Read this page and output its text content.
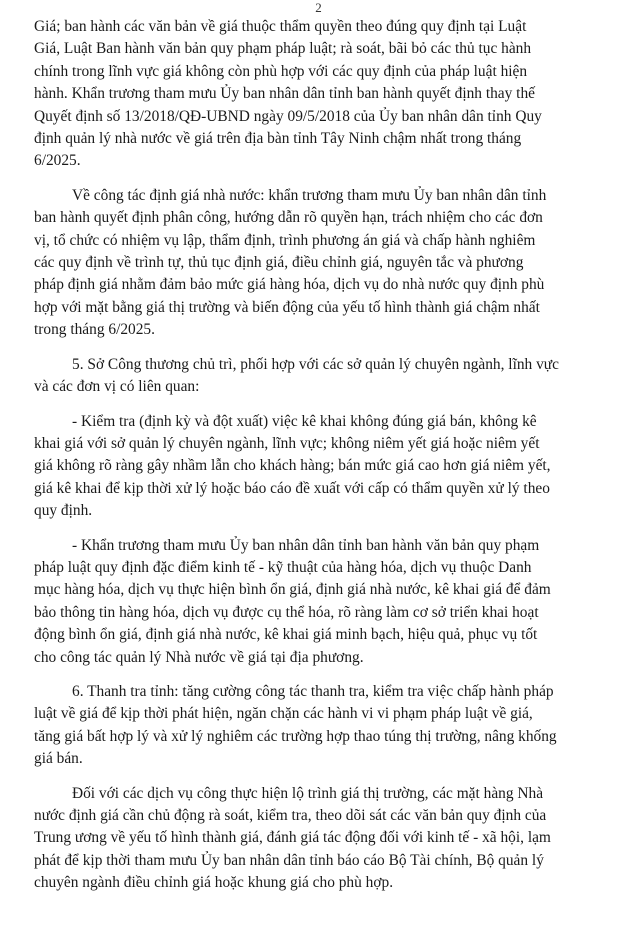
2

Giá; ban hành các văn bản về giá thuộc thẩm quyền theo đúng quy định tại Luật
Giá, Luật Ban hành văn bản quy phạm pháp luật; rà soát, bãi bỏ các thủ tục hành
chính trong lĩnh vực giá không còn phù hợp với các quy định của pháp luật hiện
hành. Khẩn trương tham mưu Ủy ban nhân dân tỉnh ban hành quyết định thay thế
Quyết định số 13/2018/QĐ-UBND ngày 09/5/2018 của Ủy ban nhân dân tỉnh Quy
định quản lý nhà nước về giá trên địa bàn tỉnh Tây Ninh chậm nhất trong tháng
6/2025.

Về công tác định giá nhà nước: khẩn trương tham mưu Ủy ban nhân dân tỉnh
ban hành quyết định phân công, hướng dẫn rõ quyền hạn, trách nhiệm cho các đơn
vị, tổ chức có nhiệm vụ lập, thẩm định, trình phương án giá và chấp hành nghiêm
các quy định về trình tự, thủ tục định giá, điều chỉnh giá, nguyên tắc và phương
pháp định giá nhằm đảm bảo mức giá hàng hóa, dịch vụ do nhà nước quy định phù
hợp với mặt bằng giá thị trường và biến động của yếu tố hình thành giá chậm nhất
trong tháng 6/2025.

5. Sở Công thương chủ trì, phối hợp với các sở quản lý chuyên ngành, lĩnh vực
và các đơn vị có liên quan:

- Kiểm tra (định kỳ và đột xuất) việc kê khai không đúng giá bán, không kê
khai giá với sở quản lý chuyên ngành, lĩnh vực; không niêm yết giá hoặc niêm yết
giá không rõ ràng gây nhầm lẫn cho khách hàng; bán mức giá cao hơn giá niêm yết,
giá kê khai để kịp thời xử lý hoặc báo cáo đề xuất với cấp có thẩm quyền xử lý theo
quy định.

- Khẩn trương tham mưu Ủy ban nhân dân tỉnh ban hành văn bản quy phạm
pháp luật quy định đặc điểm kinh tế - kỹ thuật của hàng hóa, dịch vụ thuộc Danh
mục hàng hóa, dịch vụ thực hiện bình ổn giá, định giá nhà nước, kê khai giá để đảm
bảo thông tin hàng hóa, dịch vụ được cụ thể hóa, rõ ràng làm cơ sở triển khai hoạt
động bình ổn giá, định giá nhà nước, kê khai giá minh bạch, hiệu quả, phục vụ tốt
cho công tác quản lý Nhà nước về giá tại địa phương.

6. Thanh tra tỉnh: tăng cường công tác thanh tra, kiểm tra việc chấp hành pháp
luật về giá để kịp thời phát hiện, ngăn chặn các hành vi vi phạm pháp luật về giá,
tăng giá bất hợp lý và xử lý nghiêm các trường hợp thao túng thị trường, nâng khống
giá bán.

Đối với các dịch vụ công thực hiện lộ trình giá thị trường, các mặt hàng Nhà
nước định giá cần chủ động rà soát, kiểm tra, theo dõi sát các văn bản quy định của
Trung ương về yếu tố hình thành giá, đánh giá tác động đối với kinh tế - xã hội, lạm
phát để kịp thời tham mưu Ủy ban nhân dân tỉnh báo cáo Bộ Tài chính, Bộ quản lý
chuyên ngành điều chỉnh giá hoặc khung giá cho phù hợp.
